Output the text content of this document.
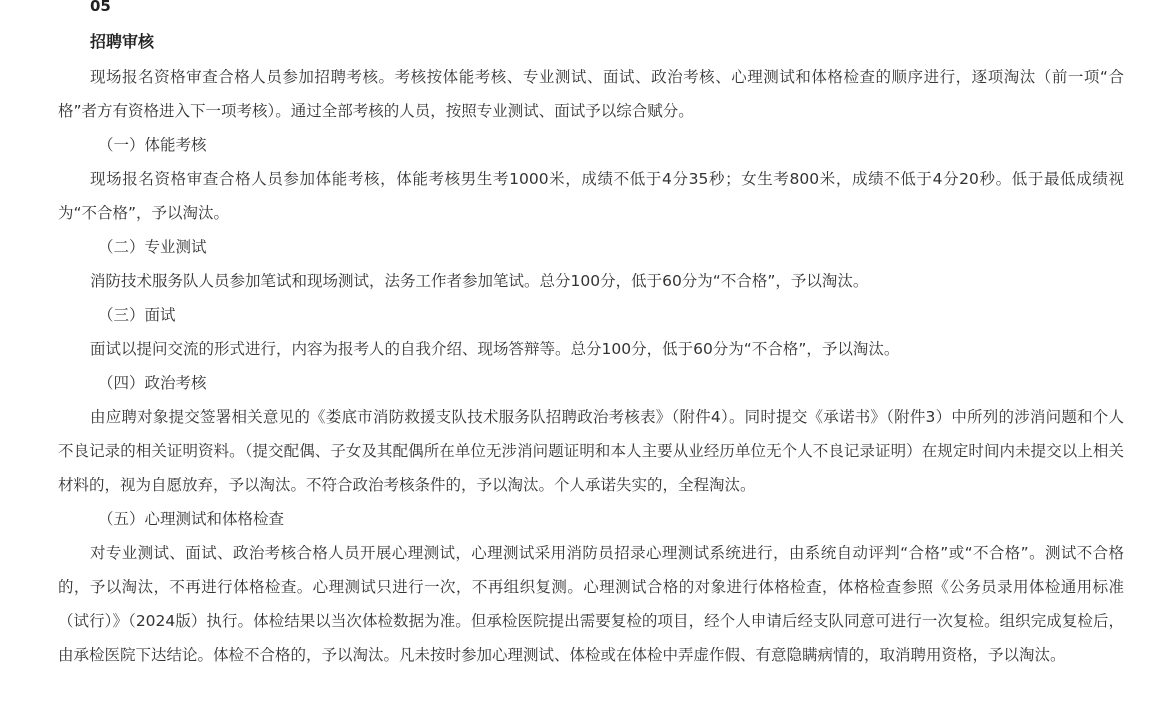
05
招聘审核

现场报名资格审查合格人员参加招聘考核。考核按体能考核、专业测试、面试、政治考核、心理测试和体格检查的顺序进行，逐项淘汰（前一项“合格”者方有资格进入下一项考核）。通过全部考核的人员，按照专业测试、面试予以综合赋分。

（一）体能考核

现场报名资格审查合格人员参加体能考核，体能考核男生考1000米，成绩不低于4分35秒；女生考800米，成绩不低于4分20秒。低于最低成绩视为“不合格”，予以淘汰。

（二）专业测试

消防技术服务队人员参加笔试和现场测试，法务工作者参加笔试。总分100分，低于60分为“不合格”，予以淘汰。

（三）面试

面试以提问交流的形式进行，内容为报考人的自我介绍、现场答辩等。总分100分，低于60分为“不合格”，予以淘汰。

（四）政治考核

由应聘对象提交签署相关意见的《娄底市消防救援支队技术服务队招聘政治考核表》（附件4）。同时提交《承诺书》（附件3）中所列的涉消问题和个人不良记录的相关证明资料。（提交配偶、子女及其配偶所在单位无涉消问题证明和本人主要从业经历单位无个人不良记录证明）在规定时间内未提交以上相关材料的，视为自愿放弃，予以淘汰。不符合政治考核条件的，予以淘汰。个人承诺失实的，全程淘汰。

（五）心理测试和体格检查

对专业测试、面试、政治考核合格人员开展心理测试，心理测试采用消防员招录心理测试系统进行，由系统自动评判“合格”或“不合格”。测试不合格的，予以淘汰，不再进行体格检查。心理测试只进行一次，不再组织复测。心理测试合格的对象进行体格检查，体格检查参照《公务员录用体检通用标准（试行）》（2024版）执行。体检结果以当次体检数据为准。但承检医院提出需要复检的项目，经个人申请后经支队同意可进行一次复检。组织完成复检后，由承检医院下达结论。体检不合格的，予以淘汰。凡未按时参加心理测试、体检或在体检中弄虚作假、有意隐瞒病情的，取消聘用资格，予以淘汰。
